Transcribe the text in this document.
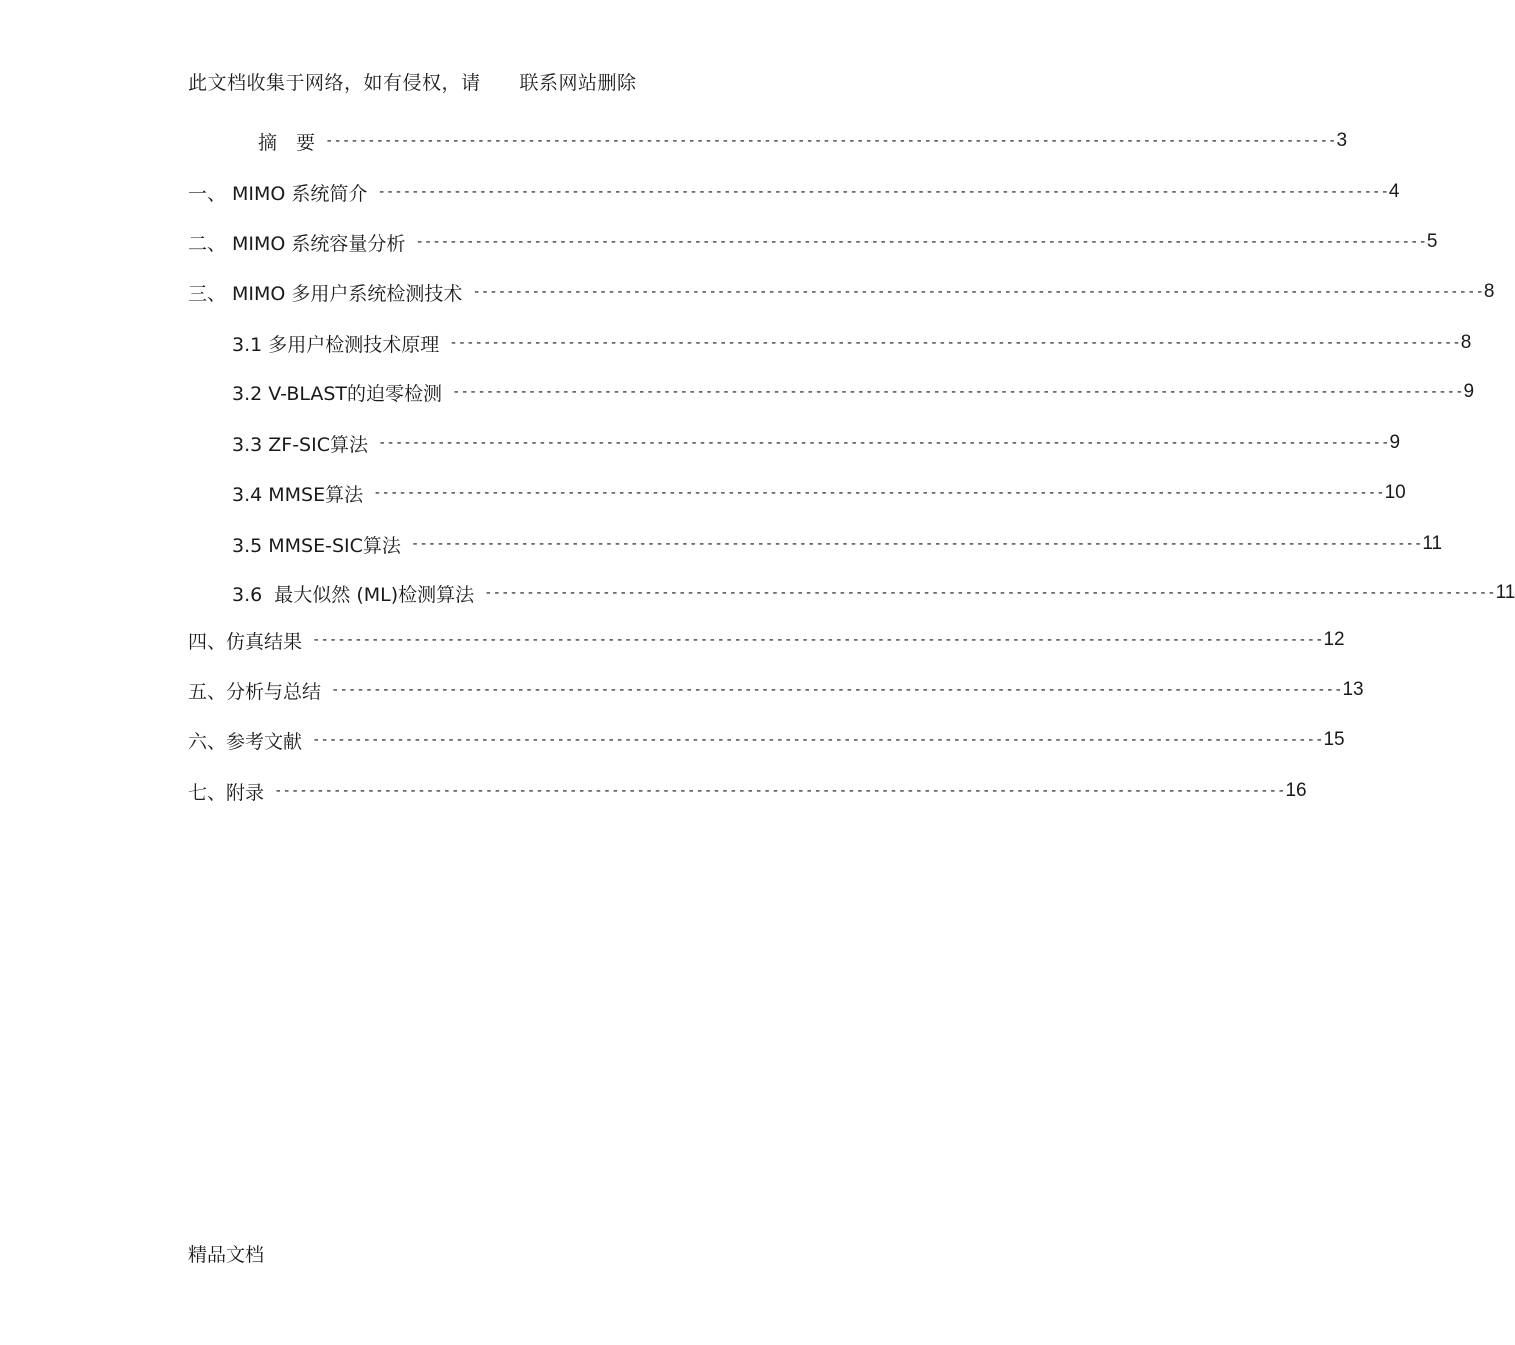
此文档收集于网络，如有侵权，请　　联系网站删除
摘　要 ------------------------------------------------------------------------------------------------------------------------ 3
一、 MIMO 系统简介 ------------------------------------------------------------------------------------------------------------------------ 4
二、 MIMO 系统容量分析 ------------------------------------------------------------------------------------------------------------------------ 5
三、 MIMO 多用户系统检测技术 ------------------------------------------------------------------------------------------------------------------------ 8
3.1 多用户检测技术原理 ------------------------------------------------------------------------------------------------------------------------ 8
3.2 V-BLAST的迫零检测 ------------------------------------------------------------------------------------------------------------------------ 9
3.3 ZF-SIC算法 ------------------------------------------------------------------------------------------------------------------------ 9
3.4 MMSE算法 ------------------------------------------------------------------------------------------------------------------------ 10
3.5 MMSE-SIC算法 ------------------------------------------------------------------------------------------------------------------------ 11
3.6  最大似然 (ML)检测算法 ------------------------------------------------------------------------------------------------------------------------ 11
四、仿真结果 ------------------------------------------------------------------------------------------------------------------------ 12
五、分析与总结 ------------------------------------------------------------------------------------------------------------------------ 13
六、参考文献 ------------------------------------------------------------------------------------------------------------------------ 15
七、附录 ------------------------------------------------------------------------------------------------------------------------ 16
精品文档
